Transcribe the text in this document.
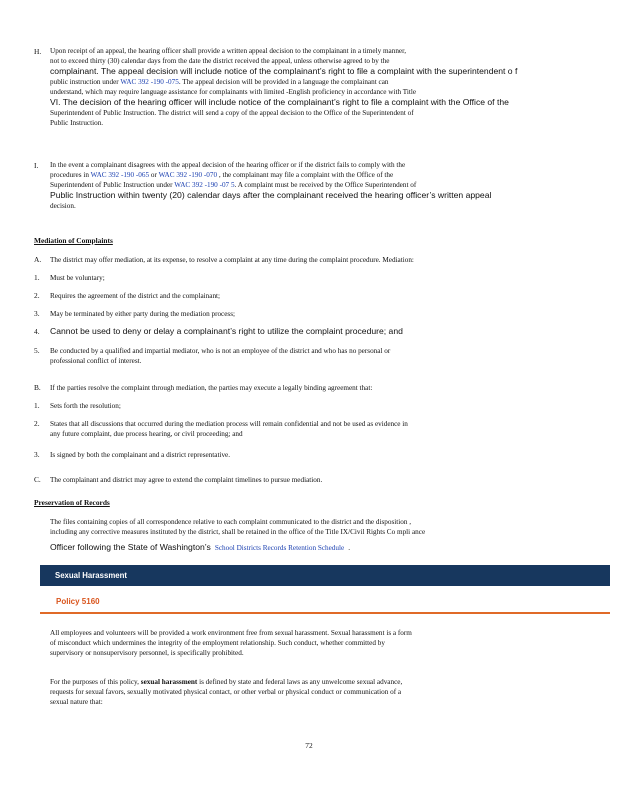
H. Upon receipt of an appeal, the hearing officer shall provide a written appeal decision to the complainant in a timely manner,
not to exceed thirty (30) calendar days from the date the district received the appeal, unless otherwise agreed to by the
complainant. The appeal decision will include notice of the complainant’s right to file a complaint with the superintendent o f
public instruction under WAC 392 -190 -075. The appeal decision will be provided in a language the complainant can
understand, which may require language assistance for complainants with limited -English proficiency in accordance with Title
VI. The decision of the hearing officer will include notice of the complainant’s right to file a complaint with the Office of the
Superintendent of Public Instruction. The district will send a copy of the appeal decision to the Office of the Superintendent of
Public Instruction.
I. In the event a complainant disagrees with the appeal decision of the hearing officer or if the district fails to comply with the
procedures in WAC 392 -190 -065 or WAC 392 -190 -070 , the complainant may file a complaint with the Office of the
Superintendent of Public Instruction under WAC 392 -190 -07 5. A complaint must be received by the Office Superintendent of
Public Instruction within twenty (20) calendar days after the complainant received the hearing officer’s written appeal
decision.
Mediation of Complaints
A. The district may offer mediation, at its expense, to resolve a complaint at any time during the complaint procedure. Mediation:
1. Must be voluntary;
2. Requires the agreement of the district and the complainant;
3. May be terminated by either party during the mediation process;
4. Cannot be used to deny or delay a complainant’s right to utilize the complaint procedure; and
5. Be conducted by a qualified and impartial mediator, who is not an employee of the district and who has no personal or
professional conflict of interest.
B. If the parties resolve the complaint through mediation, the parties may execute a legally binding agreement that:
1. Sets forth the resolution;
2. States that all discussions that occurred during the mediation process will remain confidential and not be used as evidence in
any future complaint, due process hearing, or civil proceeding; and
3. Is signed by both the complainant and a district representative.
C. The complainant and district may agree to extend the complaint timelines to pursue mediation.
Preservation of Records
The files containing copies of all correspondence relative to each complaint communicated to the district and the disposition ,
including any corrective measures instituted by the district, shall be retained in the office of the Title IX/Civil Rights Co mpli ance
Officer following the State of Washington’s School Districts Records Retention Schedule .
Sexual Harassment
Policy 5160
All employees and volunteers will be provided a work environment free from sexual harassment. Sexual harassment is a form
of misconduct which undermines the integrity of the employment relationship. Such conduct, whether committed by
supervisory or nonsupervisory personnel, is specifically prohibited.
For the purposes of this policy, sexual harassment is defined by state and federal laws as any unwelcome sexual advance,
requests for sexual favors, sexually motivated physical contact, or other verbal or physical conduct or communication of a
sexual nature that:
72
